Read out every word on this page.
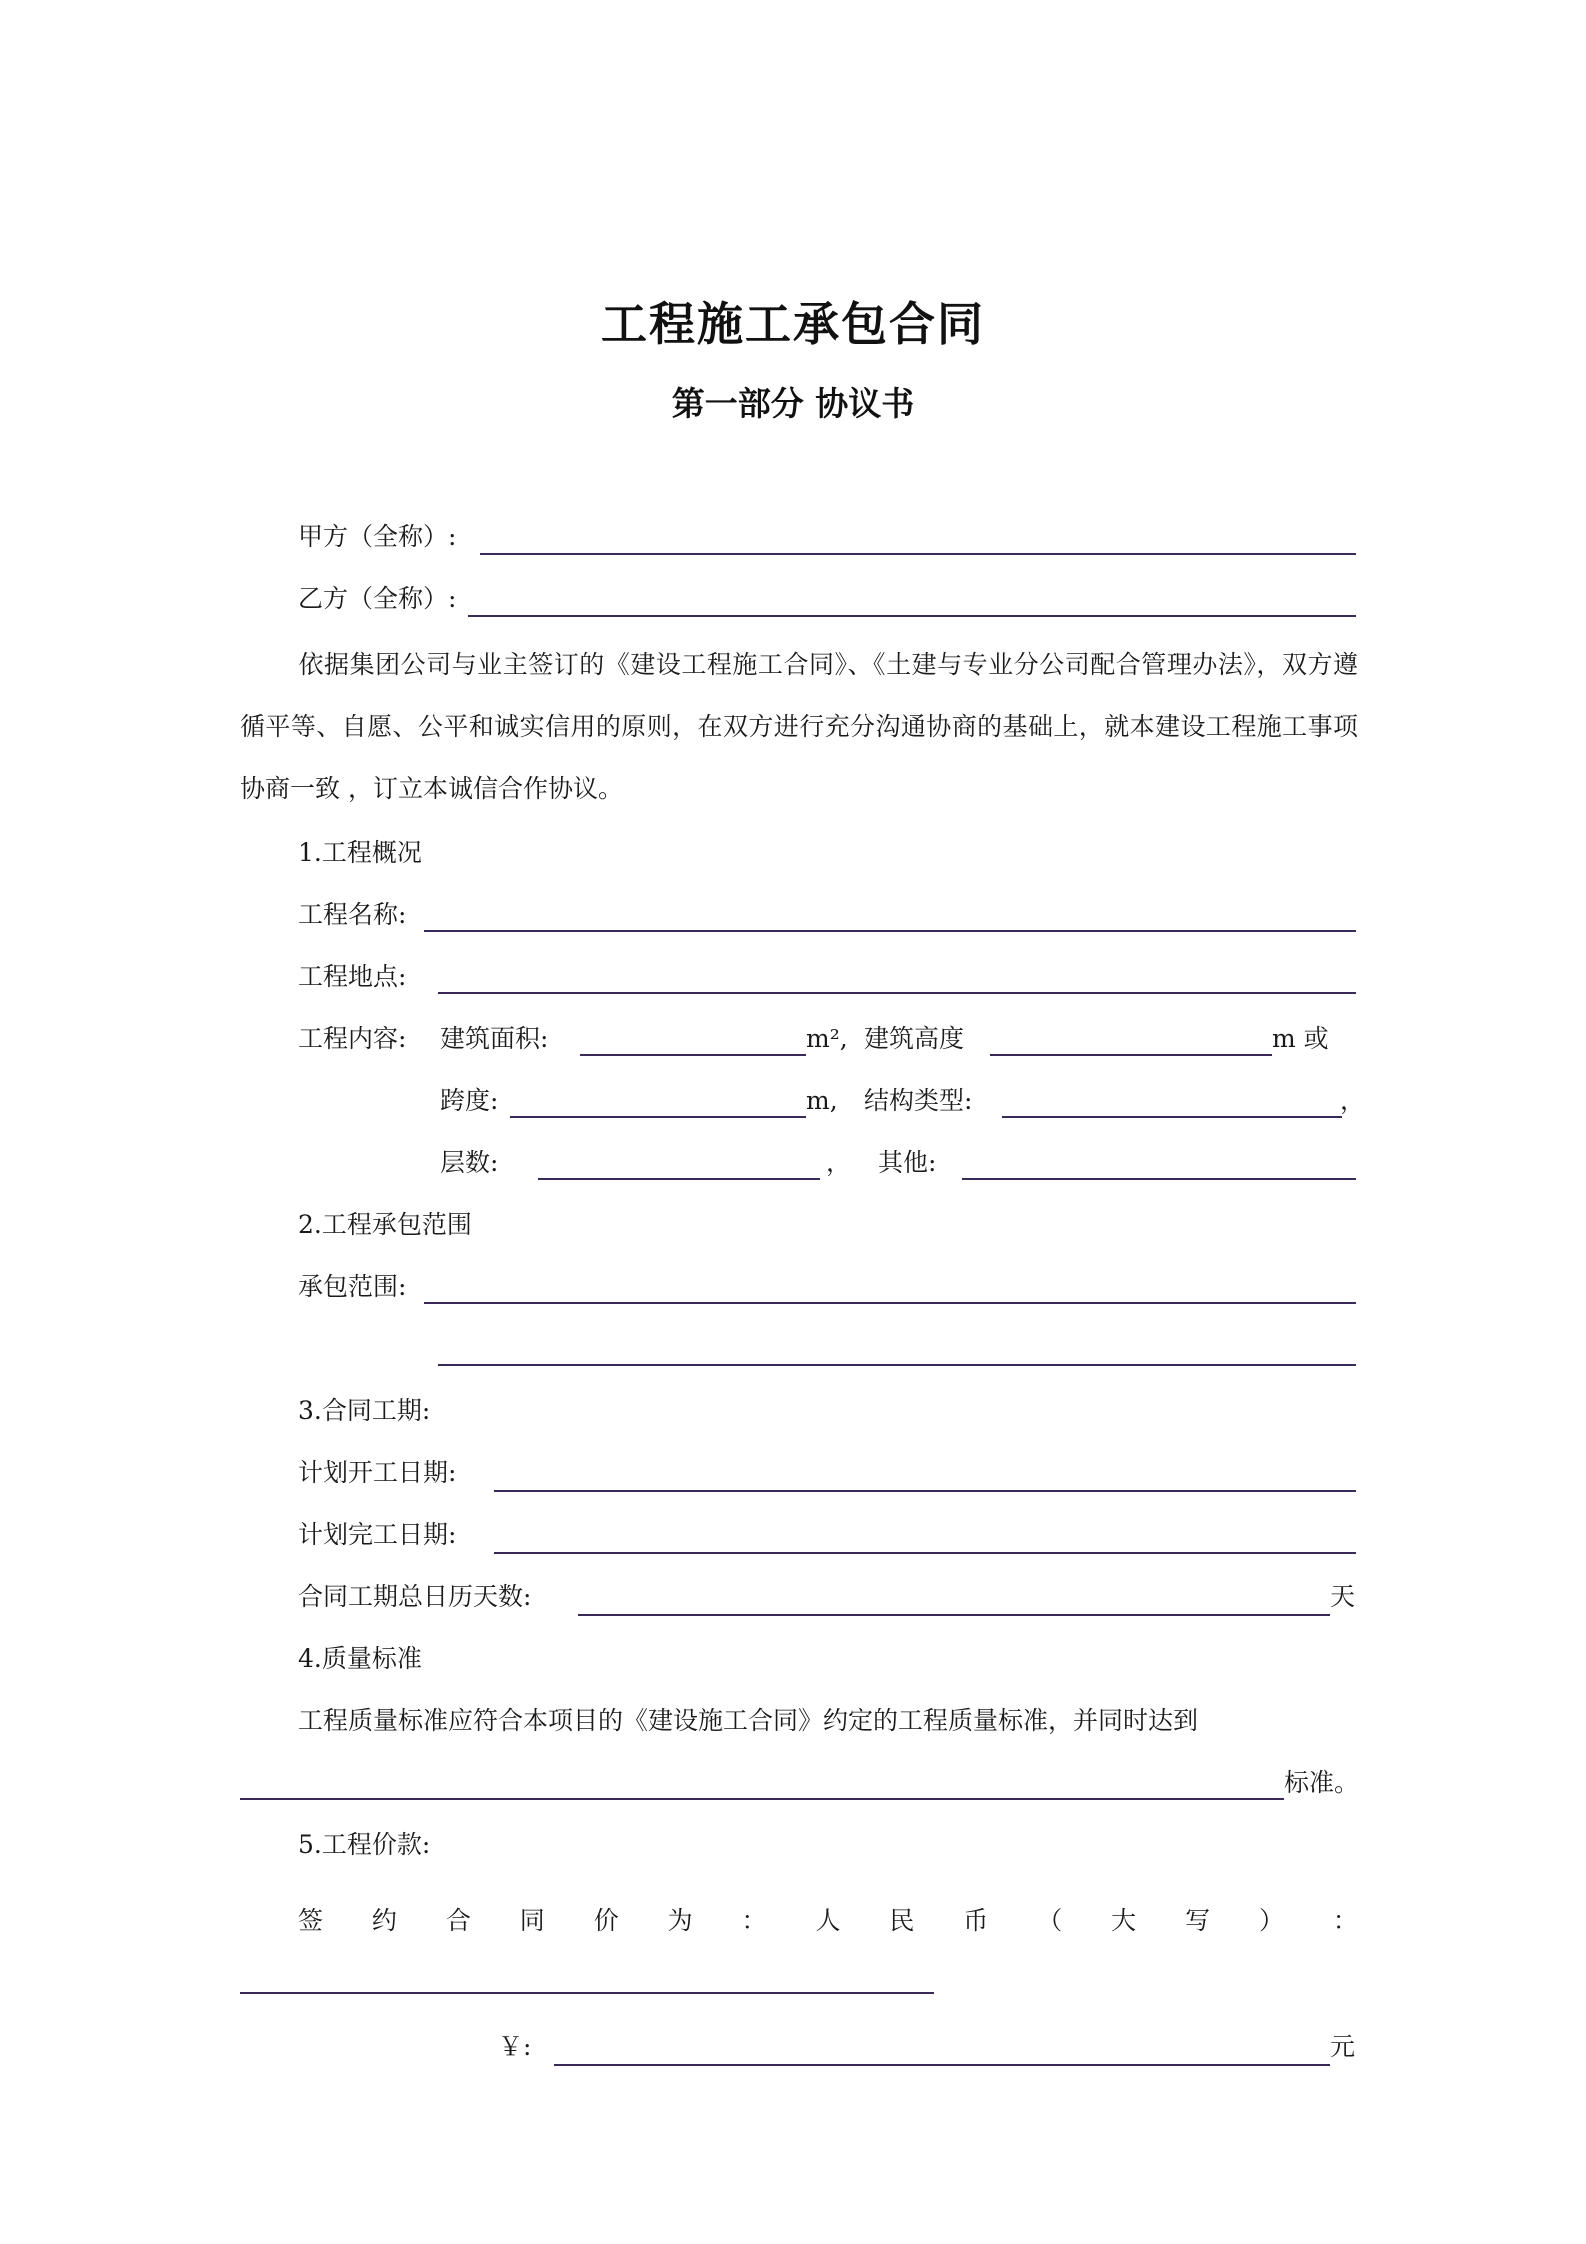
工程施工承包合同
第一部分 协议书
甲方（全称）:
乙方（全称）:
依据集团公司与业主签订的《建设工程施工合同》、《土建与专业分公司配合管理办法》，双方遵循平等、自愿、公平和诚实信用的原则，在双方进行充分沟通协商的基础上，就本建设工程施工事项协商一致 ，订立本诚信合作协议。
1.工程概况
工程名称:
工程地点:
工程内容: 建筑面积:	m², 建筑高度	m 或
跨度:	m, 结构类型:	，
层数:	， 其他:
2.工程承包范围
承包范围:
3.合同工期:
计划开工日期:
计划完工日期:
合同工期总日历天数:	天
4.质量标准
工程质量标准应符合本项目的《建设施工合同》约定的工程质量标准，并同时达到
标准。
5.工程价款:
签 约 合 同 价 为 ： 人 民 币 （ 大 写 ） ：
￥:	元
